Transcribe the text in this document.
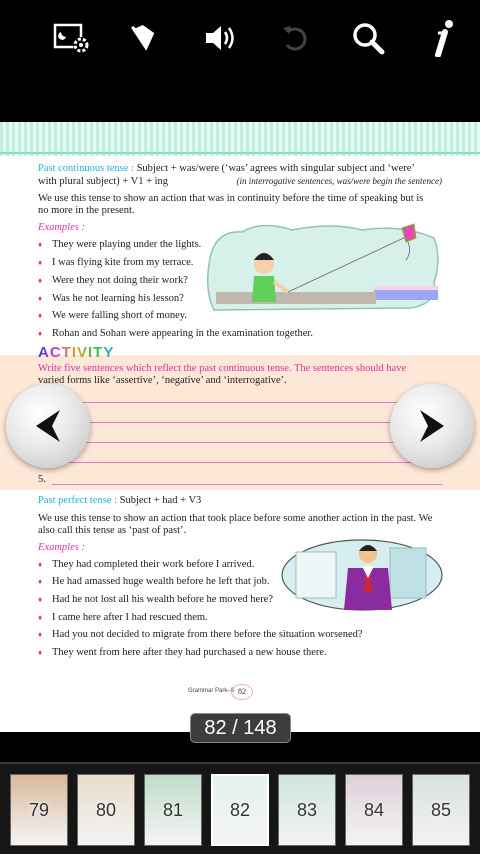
Past continuous tense : Subject + was/were (‘was’ agrees with singular subject and ‘were’
with plural subject) + V1 + ing	(in interrogative sentences, was/were begin the sentence)
We use this tense to show an action that was in continuity before the time of speaking but is
no more in the present.
Examples :
♦ They were playing under the lights.
♦ I was flying kite from my terrace.
♦ Were they not doing their work?
♦ Was he not learning his lesson?
♦ We were falling short of money.
♦ Rohan and Sohan were appearing in the examination together.
ACTIVITY
Write five sentences which reflect the past continuous tense. The sentences should have
varied forms like ‘assertive’, ‘negative’ and ‘interrogative’.
5.
Past perfect tense : Subject + had + V3
We use this tense to show an action that took place before some another action in the past. We
also call this tense as ‘past of past’.
Examples :
♦ They had completed their work before I arrived.
♦ He had amassed huge wealth before he left that job.
♦ Had he not lost all his wealth before he moved here?
♦ I came here after I had rescued them.
♦ Had you not decided to migrate from there before the situation worsened?
♦ They went from here after they had purchased a new house there.
Grammar Park–8 82
82 / 148
79	80	81	82	83	84	85
